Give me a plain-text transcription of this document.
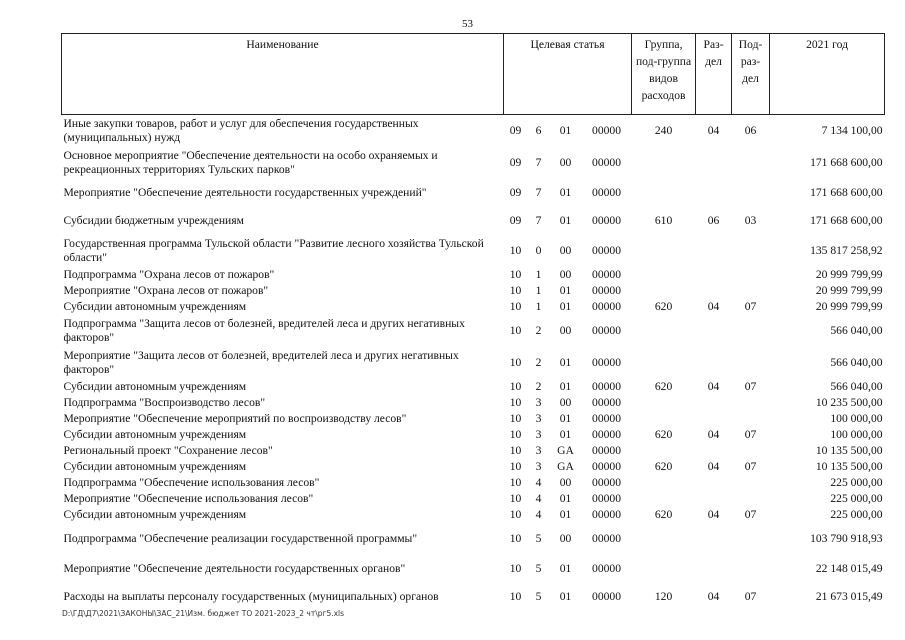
53
Наименование	Целевая статья				Группа, под-группа видов расходов	Раз-дел	Под-раз-дел	2021 год
Иные закупки товаров, работ и услуг для обеспечения государственных (муниципальных) нужд	09	6	01	00000	240	04	06	7 134 100,00
Основное мероприятие "Обеспечение деятельности на особо охраняемых и рекреационных территориях Тульских парков"	09	7	00	00000				171 668 600,00
Мероприятие "Обеспечение деятельности государственных учреждений"	09	7	01	00000				171 668 600,00
Субсидии бюджетным учреждениям	09	7	01	00000	610	06	03	171 668 600,00
Государственная программа Тульской области "Развитие лесного хозяйства Тульской области"	10	0	00	00000				135 817 258,92
Подпрограмма "Охрана лесов от пожаров"	10	1	00	00000				20 999 799,99
Мероприятие "Охрана лесов от пожаров"	10	1	01	00000				20 999 799,99
Субсидии автономным учреждениям	10	1	01	00000	620	04	07	20 999 799,99
Подпрограмма "Защита лесов от болезней, вредителей леса и других негативных факторов"	10	2	00	00000				566 040,00
Мероприятие "Защита лесов от болезней, вредителей леса и других негативных факторов"	10	2	01	00000				566 040,00
Субсидии автономным учреждениям	10	2	01	00000	620	04	07	566 040,00
Подпрограмма "Воспроизводство лесов"	10	3	00	00000				10 235 500,00
Мероприятие "Обеспечение мероприятий по воспроизводству лесов"	10	3	01	00000				100 000,00
Субсидии автономным учреждениям	10	3	01	00000	620	04	07	100 000,00
Региональный проект "Сохранение лесов"	10	3	GA	00000				10 135 500,00
Субсидии автономным учреждениям	10	3	GA	00000	620	04	07	10 135 500,00
Подпрограмма "Обеспечение использования лесов"	10	4	00	00000				225 000,00
Мероприятие "Обеспечение использования лесов"	10	4	01	00000				225 000,00
Субсидии автономным учреждениям	10	4	01	00000	620	04	07	225 000,00
Подпрограмма "Обеспечение реализации государственной программы"	10	5	00	00000				103 790 918,93
Мероприятие "Обеспечение деятельности государственных органов"	10	5	01	00000				22 148 015,49
Расходы на выплаты персоналу государственных (муниципальных) органов	10	5	01	00000	120	04	07	21 673 015,49
D:\ГД\Д7\2021\ЗАКОНЫ\ЗАС_21\Изм. бюджет ТО 2021-2023_2 чт\рг5.xls
